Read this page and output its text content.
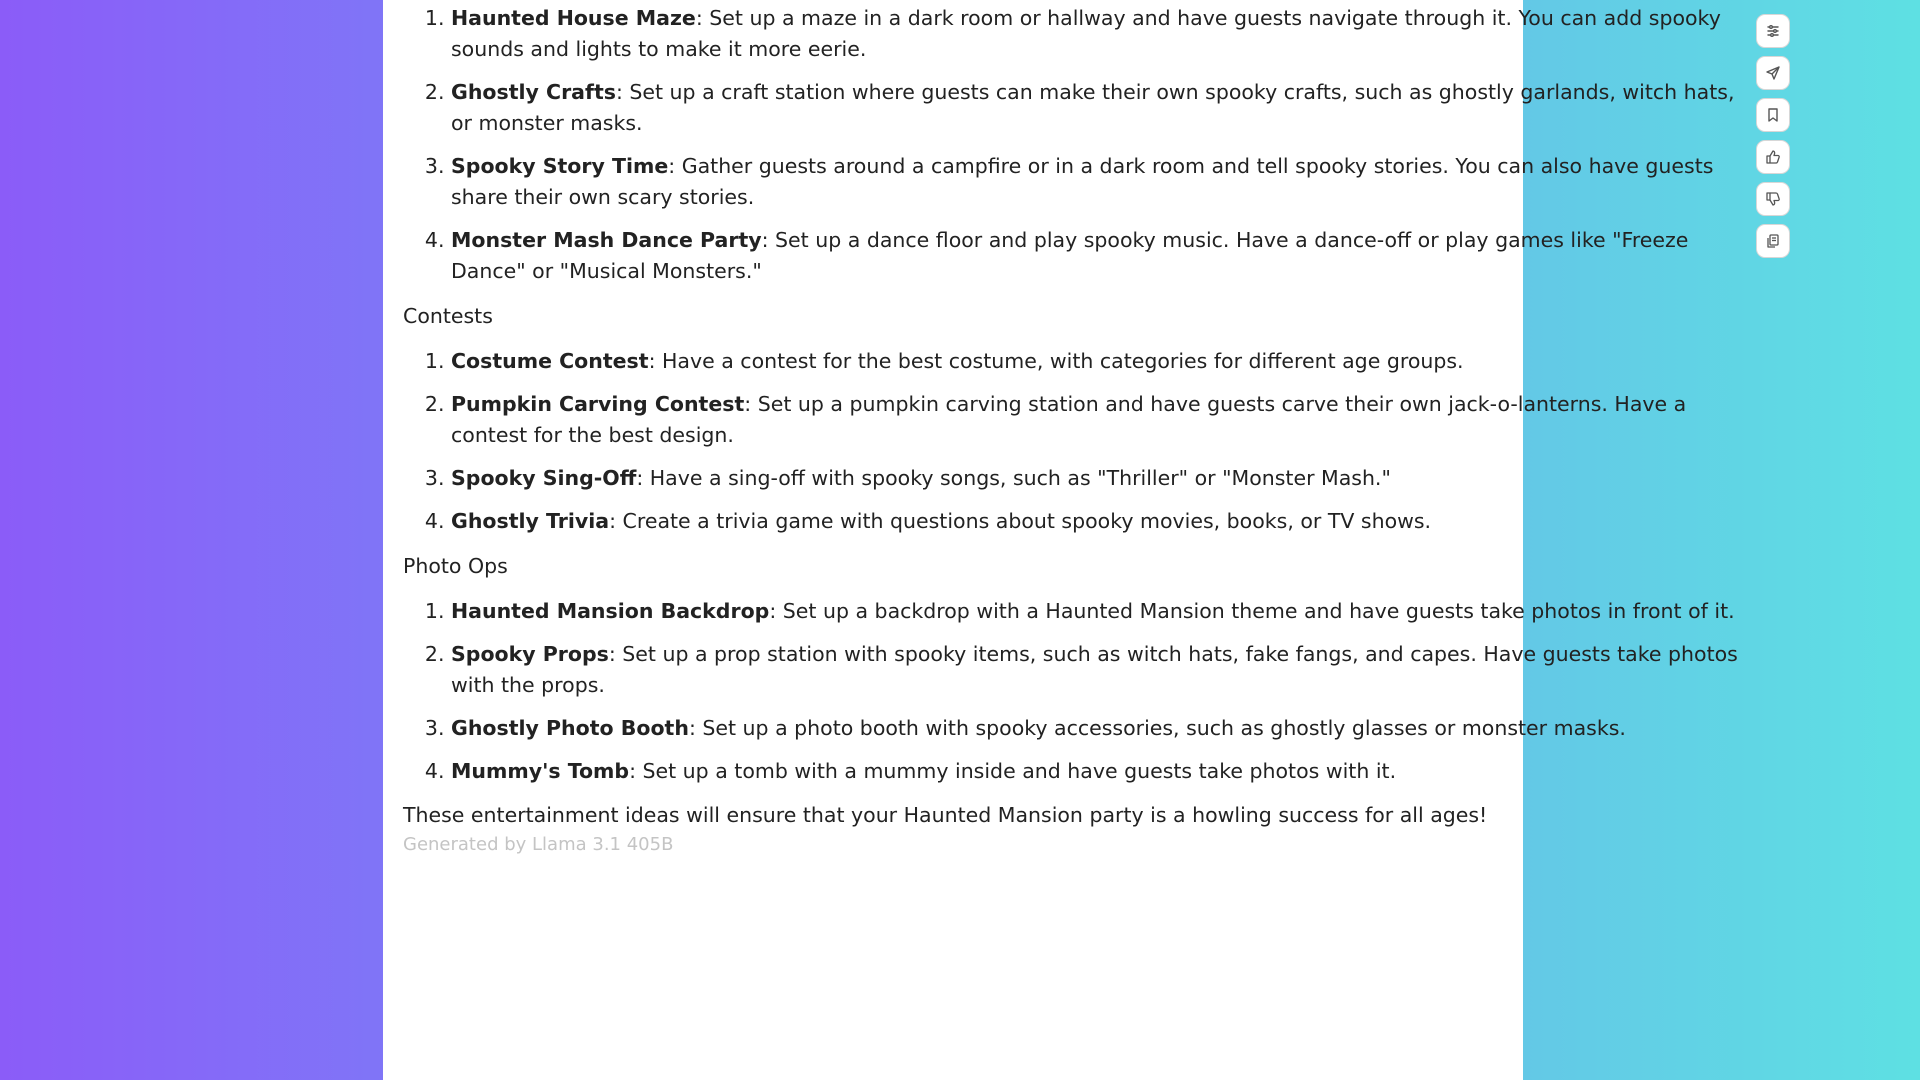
1. Haunted House Maze: Set up a maze in a dark room or hallway and have guests navigate through it. You can add spooky sounds and lights to make it more eerie.
2. Ghostly Crafts: Set up a craft station where guests can make their own spooky crafts, such as ghostly garlands, witch hats, or monster masks.
3. Spooky Story Time: Gather guests around a campfire or in a dark room and tell spooky stories. You can also have guests share their own scary stories.
4. Monster Mash Dance Party: Set up a dance floor and play spooky music. Have a dance-off or play games like "Freeze Dance" or "Musical Monsters."
Contests
1. Costume Contest: Have a contest for the best costume, with categories for different age groups.
2. Pumpkin Carving Contest: Set up a pumpkin carving station and have guests carve their own jack-o-lanterns. Have a contest for the best design.
3. Spooky Sing-Off: Have a sing-off with spooky songs, such as "Thriller" or "Monster Mash."
4. Ghostly Trivia: Create a trivia game with questions about spooky movies, books, or TV shows.
Photo Ops
1. Haunted Mansion Backdrop: Set up a backdrop with a Haunted Mansion theme and have guests take photos in front of it.
2. Spooky Props: Set up a prop station with spooky items, such as witch hats, fake fangs, and capes. Have guests take photos with the props.
3. Ghostly Photo Booth: Set up a photo booth with spooky accessories, such as ghostly glasses or monster masks.
4. Mummy's Tomb: Set up a tomb with a mummy inside and have guests take photos with it.
These entertainment ideas will ensure that your Haunted Mansion party is a howling success for all ages!
Generated by Llama 3.1 405B
